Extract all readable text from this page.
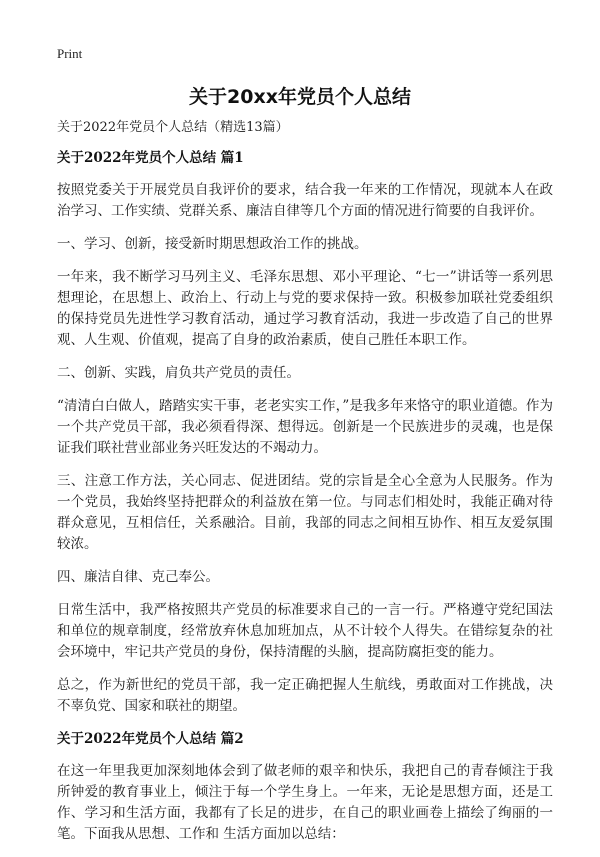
Print
关于20xx年党员个人总结
关于2022年党员个人总结（精选13篇）
关于2022年党员个人总结 篇1

按照党委关于开展党员自我评价的要求，结合我一年来的工作情况，现就本人在政治学习、工作实绩、党群关系、廉洁自律等几个方面的情况进行简要的自我评价。

一、学习、创新，接受新时期思想政治工作的挑战。

一年来，我不断学习马列主义、毛泽东思想、邓小平理论、“七一”讲话等一系列思想理论，在思想上、政治上、行动上与党的要求保持一致。积极参加联社党委组织的保持党员先进性学习教育活动，通过学习教育活动，我进一步改造了自己的世界观、人生观、价值观，提高了自身的政治素质，使自己胜任本职工作。

二、创新、实践，肩负共产党员的责任。

“清清白白做人，踏踏实实干事，老老实实工作，”是我多年来恪守的职业道德。作为一个共产党员干部，我必须看得深、想得远。创新是一个民族进步的灵魂，也是保证我们联社营业部业务兴旺发达的不竭动力。

三、注意工作方法，关心同志、促进团结。党的宗旨是全心全意为人民服务。作为一个党员，我始终坚持把群众的利益放在第一位。与同志们相处时，我能正确对待群众意见，互相信任，关系融洽。目前，我部的同志之间相互协作、相互友爱氛围较浓。

四、廉洁自律、克己奉公。

日常生活中，我严格按照共产党员的标准要求自己的一言一行。严格遵守党纪国法和单位的规章制度，经常放弃休息加班加点，从不计较个人得失。在错综复杂的社会环境中，牢记共产党员的身份，保持清醒的头脑，提高防腐拒变的能力。

总之，作为新世纪的党员干部，我一定正确把握人生航线，勇敢面对工作挑战，决不辜负党、国家和联社的期望。

关于2022年党员个人总结 篇2

在这一年里我更加深刻地体会到了做老师的艰辛和快乐，我把自己的青春倾注于我所钟爱的教育事业上，倾注于每一个学生身上。一年来，无论是思想方面，还是工作、学习和生活方面，我都有了长足的进步，在自己的职业画卷上描绘了绚丽的一笔。下面我从思想、工作和 生活方面加以总结：
